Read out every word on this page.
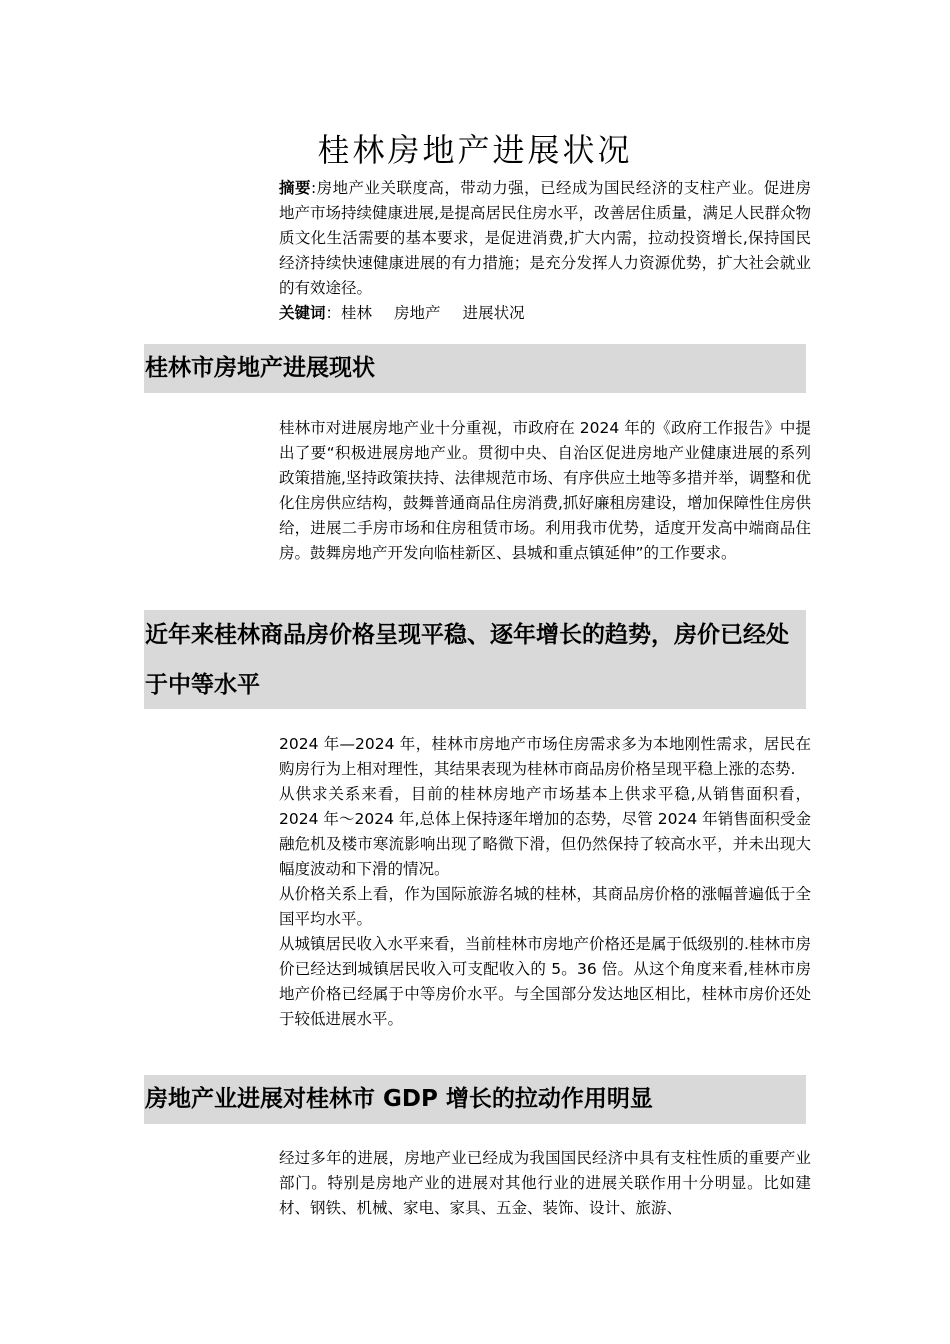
桂林房地产进展状况

摘要:房地产业关联度高，带动力强，已经成为国民经济的支柱产业。促进房地产市场持续健康进展,是提高居民住房水平，改善居住质量，满足人民群众物质文化生活需要的基本要求，是促进消费,扩大内需，拉动投资增长,保持国民经济持续快速健康进展的有力措施；是充分发挥人力资源优势，扩大社会就业的有效途径。

关键词：桂林 房地产 进展状况

桂林市房地产进展现状

桂林市对进展房地产业十分重视，市政府在 2024 年的《政府工作报告》中提出了要“积极进展房地产业。贯彻中央、自治区促进房地产业健康进展的系列政策措施,坚持政策扶持、法律规范市场、有序供应土地等多措并举，调整和优化住房供应结构，鼓舞普通商品住房消费,抓好廉租房建设，增加保障性住房供给，进展二手房市场和住房租赁市场。利用我市优势，适度开发高中端商品住房。鼓舞房地产开发向临桂新区、县城和重点镇延伸”的工作要求。

近年来桂林商品房价格呈现平稳、逐年增长的趋势，房价已经处于中等水平

2024 年—2024 年，桂林市房地产市场住房需求多为本地刚性需求，居民在购房行为上相对理性，其结果表现为桂林市商品房价格呈现平稳上涨的态势.

从供求关系来看，目前的桂林房地产市场基本上供求平稳,从销售面积看，2024 年～2024 年,总体上保持逐年增加的态势，尽管 2024 年销售面积受金融危机及楼市寒流影响出现了略微下滑，但仍然保持了较高水平，并未出现大幅度波动和下滑的情况。

从价格关系上看，作为国际旅游名城的桂林，其商品房价格的涨幅普遍低于全国平均水平。

从城镇居民收入水平来看，当前桂林市房地产价格还是属于低级别的.桂林市房价已经达到城镇居民收入可支配收入的 5。36 倍。从这个角度来看,桂林市房地产价格已经属于中等房价水平。与全国部分发达地区相比，桂林市房价还处于较低进展水平。

房地产业进展对桂林市 GDP 增长的拉动作用明显

经过多年的进展，房地产业已经成为我国国民经济中具有支柱性质的重要产业部门。特别是房地产业的进展对其他行业的进展关联作用十分明显。比如建材、钢铁、机械、家电、家具、五金、装饰、设计、旅游、
